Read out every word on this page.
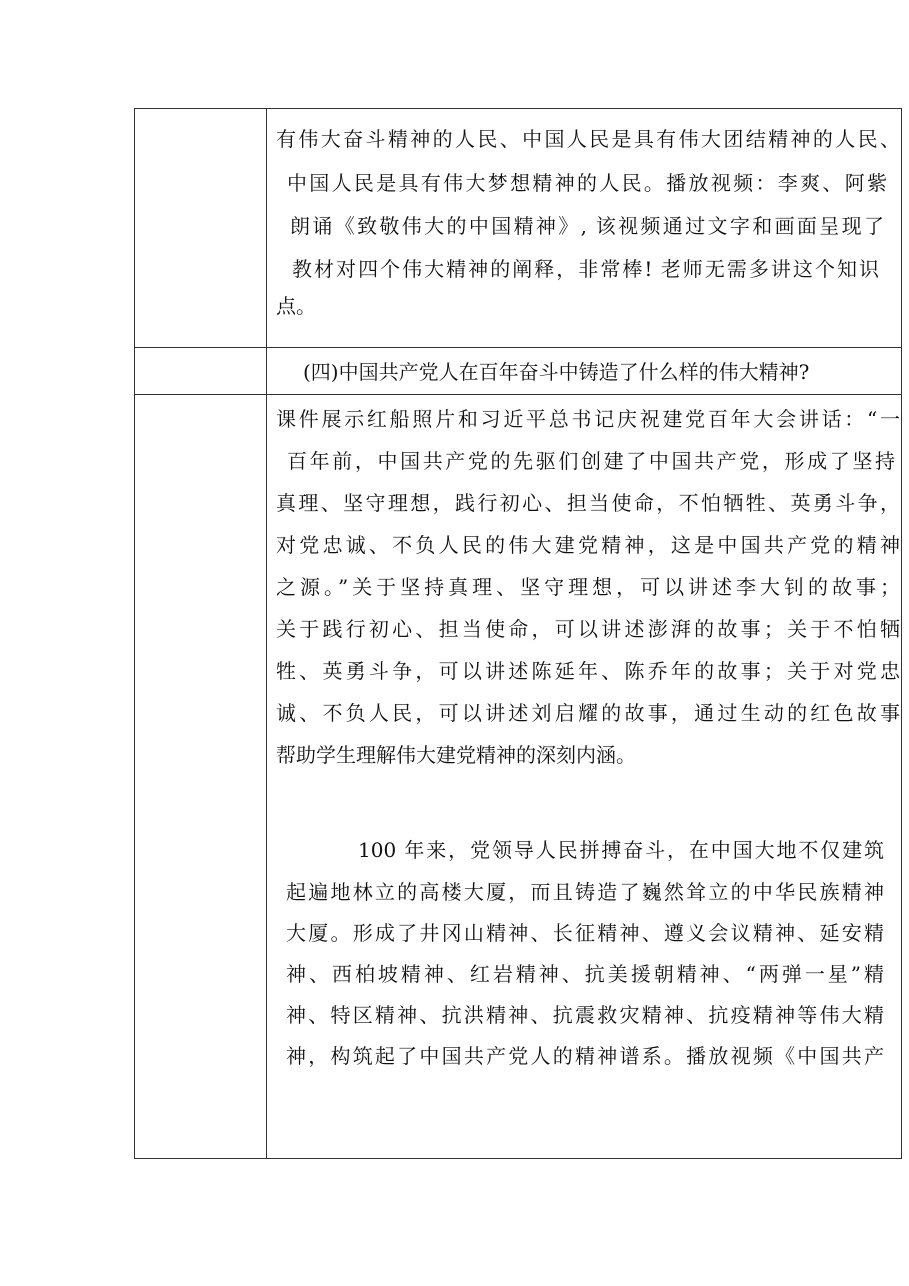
有伟大奋斗精神的人民、中国人民是具有伟大团结精神的人民、
中国人民是具有伟大梦想精神的人民。播放视频：李爽、阿紫
朗诵《致敬伟大的中国精神》, 该视频通过文字和画面呈现了
教材对四个伟大精神的阐释，非常棒! 老师无需多讲这个知识
点。
(四)中国共产党人在百年奋斗中铸造了什么样的伟大精神?
课件展示红船照片和习近平总书记庆祝建党百年大会讲话：“一
百年前，中国共产党的先驱们创建了中国共产党，形成了坚持
真理、坚守理想，践行初心、担当使命，不怕牺牲、英勇斗争，
对党忠诚、不负人民的伟大建党精神，这是中国共产党的精神
之源。”关于坚持真理、坚守理想，可以讲述李大钊的故事；
关于践行初心、担当使命，可以讲述澎湃的故事；关于不怕牺
牲、英勇斗争，可以讲述陈延年、陈乔年的故事；关于对党忠
诚、不负人民，可以讲述刘启耀的故事，通过生动的红色故事
帮助学生理解伟大建党精神的深刻内涵。
100 年来，党领导人民拼搏奋斗，在中国大地不仅建筑
起遍地林立的高楼大厦，而且铸造了巍然耸立的中华民族精神
大厦。形成了井冈山精神、长征精神、遵义会议精神、延安精
神、西柏坡精神、红岩精神、抗美援朝精神、“两弹一星”精
神、特区精神、抗洪精神、抗震救灾精神、抗疫精神等伟大精
神，构筑起了中国共产党人的精神谱系。播放视频《中国共产
